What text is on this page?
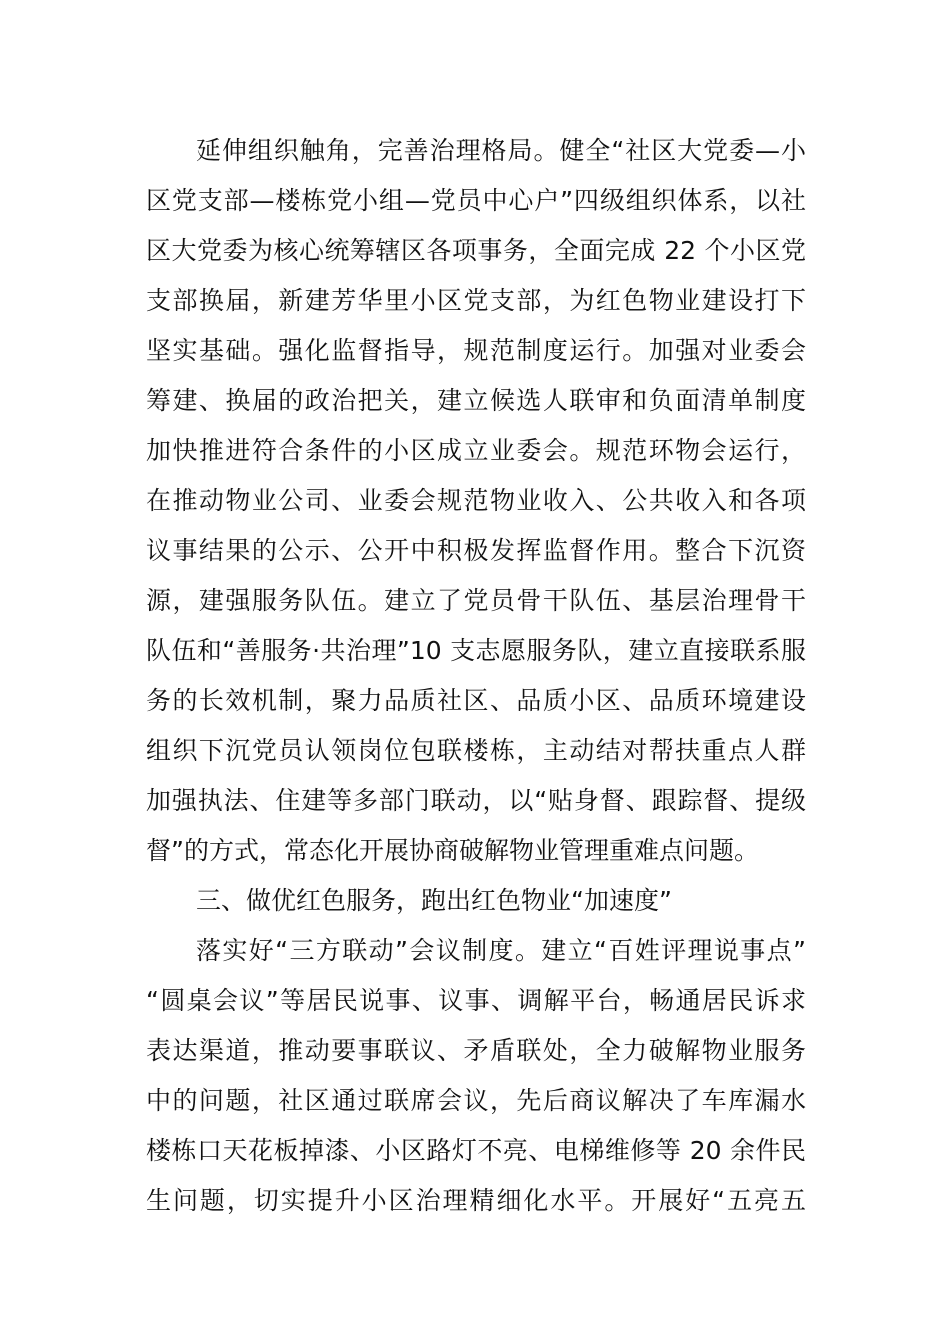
延伸组织触角，完善治理格局。健全“社区大党委—小
区党支部—楼栋党小组—党员中心户”四级组织体系，以社
区大党委为核心统筹辖区各项事务，全面完成 22 个小区党
支部换届，新建芳华里小区党支部，为红色物业建设打下
坚实基础。强化监督指导，规范制度运行。加强对业委会
筹建、换届的政治把关，建立候选人联审和负面清单制度
加快推进符合条件的小区成立业委会。规范环物会运行，
在推动物业公司、业委会规范物业收入、公共收入和各项
议事结果的公示、公开中积极发挥监督作用。整合下沉资
源，建强服务队伍。建立了党员骨干队伍、基层治理骨干
队伍和“善服务·共治理”10 支志愿服务队，建立直接联系服
务的长效机制，聚力品质社区、品质小区、品质环境建设
组织下沉党员认领岗位包联楼栋，主动结对帮扶重点人群
加强执法、住建等多部门联动，以“贴身督、跟踪督、提级
督”的方式，常态化开展协商破解物业管理重难点问题。
三、做优红色服务，跑出红色物业“加速度”
落实好“三方联动”会议制度。建立“百姓评理说事点”
“圆桌会议”等居民说事、议事、调解平台，畅通居民诉求
表达渠道，推动要事联议、矛盾联处，全力破解物业服务
中的问题，社区通过联席会议，先后商议解决了车库漏水
楼栋口天花板掉漆、小区路灯不亮、电梯维修等 20 余件民
生问题，切实提升小区治理精细化水平。开展好“五亮五
